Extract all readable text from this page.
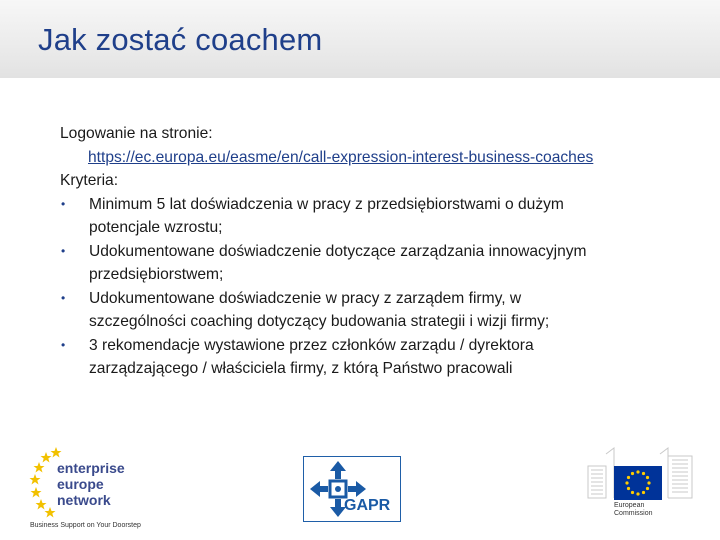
Jak zostać coachem
Logowanie na stronie:
https://ec.europa.eu/easme/en/call-expression-interest-business-coaches
Kryteria:
•	Minimum 5 lat doświadczenia w pracy z przedsiębiorstwami o dużym
potencjale wzrostu;
•	Udokumentowane doświadczenie dotyczące zarządzania innowacyjnym
przedsiębiorstwem;
•	Udokumentowane doświadczenie w pracy z zarządem firmy, w
szczególności coaching dotyczący budowania strategii i wizji firmy;
•	3 rekomendacje wystawione przez członków zarządu / dyrektora
zarządzającego / właściciela firmy, z którą Państwo pracowali
enterprise
europe
network
Business Support on Your Doorstep
GAPR	European
Commission
